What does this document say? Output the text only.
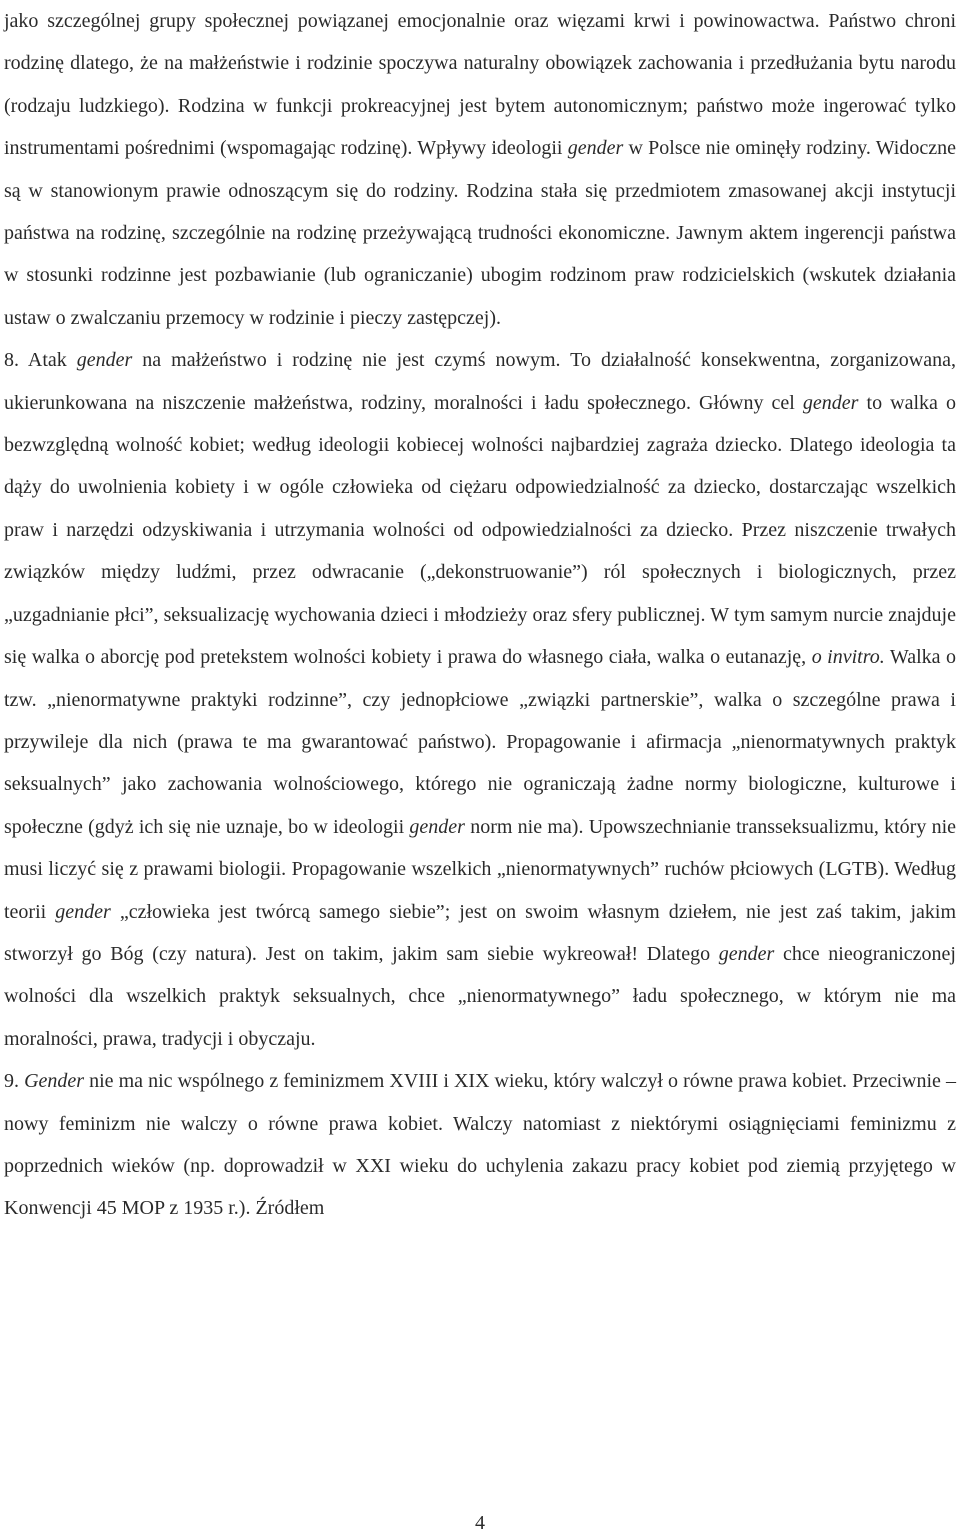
jako szczególnej grupy społecznej powiązanej emocjonalnie oraz więzami krwi i powinowactwa. Państwo chroni rodzinę dlatego, że na małżeństwie i rodzinie spoczywa naturalny obowiązek zachowania i przedłużania bytu narodu (rodzaju ludzkiego). Rodzina w funkcji prokreacyjnej jest bytem autonomicznym; państwo może ingerować tylko instrumentami pośrednimi (wspomagając rodzinę). Wpływy ideologii gender w Polsce nie ominęły rodziny. Widoczne są w stanowionym prawie odnoszącym się do rodziny. Rodzina stała się przedmiotem zmasowanej akcji instytucji państwa na rodzinę, szczególnie na rodzinę przeżywającą trudności ekonomiczne. Jawnym aktem ingerencji państwa w stosunki rodzinne jest pozbawianie (lub ograniczanie) ubogim rodzinom praw rodzicielskich (wskutek działania ustaw o zwalczaniu przemocy w rodzinie i pieczy zastępczej).

8. Atak gender na małżeństwo i rodzinę nie jest czymś nowym. To działalność konsekwentna, zorganizowana, ukierunkowana na niszczenie małżeństwa, rodziny, moralności i ładu społecznego. Główny cel gender to walka o bezwzględną wolność kobiet; według ideologii kobiecej wolności najbardziej zagraża dziecko. Dlatego ideologia ta dąży do uwolnienia kobiety i w ogóle człowieka od ciężaru odpowiedzialność za dziecko, dostarczając wszelkich praw i narzędzi odzyskiwania i utrzymania wolności od odpowiedzialności za dziecko. Przez niszczenie trwałych związków między ludźmi, przez odwracanie („dekonstruowanie”) ról społecznych i biologicznych, przez „uzgadnianie płci”, seksualizację wychowania dzieci i młodzieży oraz sfery publicznej. W tym samym nurcie znajduje się walka o aborcję pod pretekstem wolności kobiety i prawa do własnego ciała, walka o eutanazję, o invitro. Walka o tzw. „nienormatywne praktyki rodzinne”, czy jednopłciowe „związki partnerskie”, walka o szczególne prawa i przywileje dla nich (prawa te ma gwarantować państwo). Propagowanie i afirmacja „nienormatywnych praktyk seksualnych” jako zachowania wolnościowego, którego nie ograniczają żadne normy biologiczne, kulturowe i społeczne (gdyż ich się nie uznaje, bo w ideologii gender norm nie ma). Upowszechnianie transseksualizmu, który nie musi liczyć się z prawami biologii. Propagowanie wszelkich „nienormatywnych” ruchów płciowych (LGTB). Według teorii gender „człowieka jest twórcą samego siebie”; jest on swoim własnym dziełem, nie jest zaś takim, jakim stworzył go Bóg (czy natura). Jest on takim, jakim sam siebie wykreował! Dlatego gender chce nieograniczonej wolności dla wszelkich praktyk seksualnych, chce „nienormatywnego” ładu społecznego, w którym nie ma moralności, prawa, tradycji i obyczaju.

9. Gender nie ma nic wspólnego z feminizmem XVIII i XIX wieku, który walczył o równe prawa kobiet. Przeciwnie – nowy feminizm nie walczy o równe prawa kobiet. Walczy natomiast z niektórymi osiągnięciami feminizmu z poprzednich wieków (np. doprowadził w XXI wieku do uchylenia zakazu pracy kobiet pod ziemią przyjętego w Konwencji 45 MOP z 1935 r.). Źródłem

4
